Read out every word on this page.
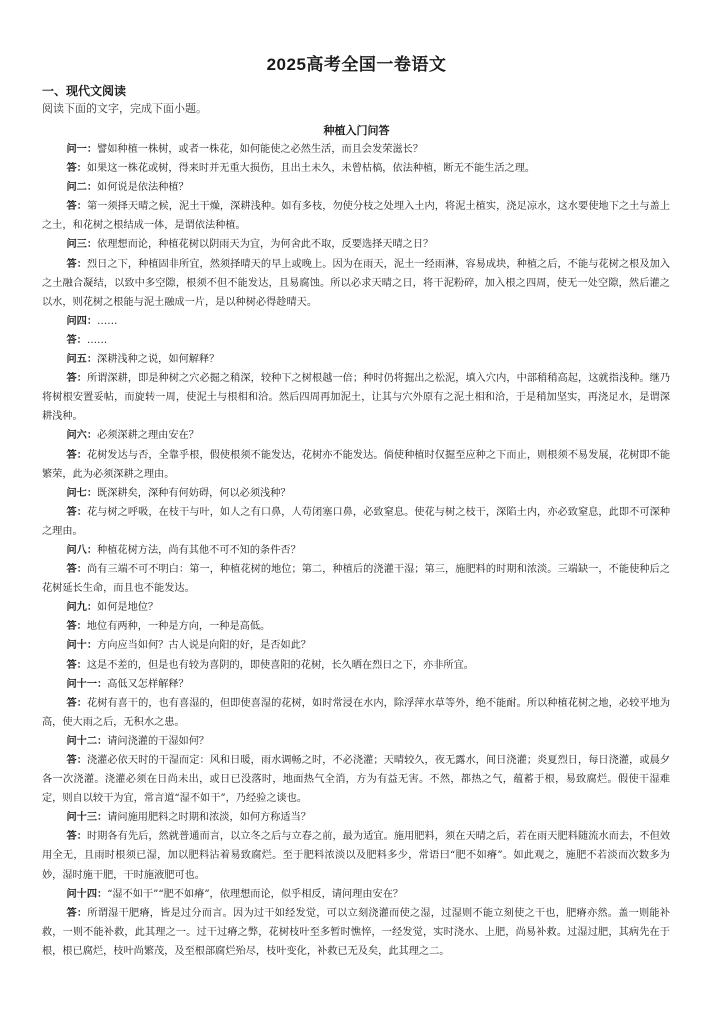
2025高考全国一卷语文
一、现代文阅读
阅读下面的文字，完成下面小题。
种植入门问答

问一：譬如种植一株树，或者一株花，如何能使之必然生活，而且会发荣滋长？

答：如果这一株花或树，得来时并无重大损伤，且出土未久，未曾枯槁，依法种植，断无不能生活之理。

问二：如何说是依法种植？

答：第一须择天晴之候，泥土干燥，深耕浅种。如有多枝，勿使分枝之处埋入土内，将泥土植实，浇足凉水，这水要使地下之土与盖上之土，和花树之根结成一体，是谓依法种植。

问三：依理想而论，种植花树以阴雨天为宜，为何舍此不取，反要选择天晴之日？

答：烈日之下，种植固非所宜，然须择晴天的早上或晚上。因为在雨天，泥土一经雨淋，容易成块，种植之后，不能与花树之根及加入之土融合凝结，以致中多空隙，根须不但不能发达，且易腐蚀。所以必求天晴之日，将干泥粉碎，加入根之四周，使无一处空隙，然后灌之以水，则花树之根能与泥土融成一片，是以种树必得趁晴天。

问四：……

答：……

问五：深耕浅种之说，如何解释？

答：所谓深耕，即是种树之穴必掘之稍深，较种下之树根越一倍；种时仍将掘出之松泥，填入穴内，中部稍稍高起，这就指浅种。继乃将树根安置妥帖，而旋转一周，使泥土与根相和洽。然后四周再加泥土，让其与穴外原有之泥土相和洽，于是稍加坚实，再浇足水，是谓深耕浅种。

问六：必须深耕之理由安在？

答：花树发达与否，全靠乎根，假使根须不能发达，花树亦不能发达。倘使种植时仅掘至应种之下而止，则根须不易发展，花树即不能繁荣，此为必须深耕之理由。

问七：既深耕矣，深种有何妨碍，何以必须浅种？

答：花与树之呼吸，在枝干与叶，如人之有口鼻，人苟闭塞口鼻，必致窒息。使花与树之枝干，深陷土内，亦必致窒息，此即不可深种之理由。

问八：种植花树方法，尚有其他不可不知的条件否？

答：尚有三端不可不明白：第一，种植花树的地位；第二，种植后的浇灌干湿；第三，施肥料的时期和浓淡。三端缺一，不能使种后之花树延长生命，而且也不能发达。

问九：如何是地位？

答：地位有两种，一种是方向，一种是高低。

问十：方向应当如何？古人说是向阳的好，是否如此？

答：这是不差的，但是也有较为喜阴的，即使喜阳的花树，长久晒在烈日之下，亦非所宜。

问十一：高低又怎样解释？

答：花树有喜干的，也有喜湿的，但即使喜湿的花树，如时常浸在水内，除浮萍水草等外，绝不能耐。所以种植花树之地，必较平地为高，使大雨之后，无积水之患。

问十二：请问浇灌的干湿如何？

答：浇灌必依天时的干湿而定：风和日暖，雨水调畅之时，不必浇灌；天晴较久，夜无露水，间日浇灌；炎夏烈日，每日浇灌，或晨夕各一次浇灌。浇灌必须在日尚未出，或日已没落时，地面热气全消，方为有益无害。不然，都热之气，蕴蓄于根，易致腐烂。假使干湿难定，则自以较干为宜，常言道“湿不如干”，乃经验之谈也。

问十三：请问施用肥料之时期和浓淡，如何方称适当？

答：时期各有先后，然就普通而言，以立冬之后与立春之前，最为适宜。施用肥料，须在天晴之后，若在雨天肥料随流水而去，不但效用全无，且雨时根须已湿，加以肥料沾着易致腐烂。至于肥料浓淡以及肥料多少，常语曰“肥不如瘠”。如此观之，施肥不若淡而次数多为妙，湿时施干肥，干时施液肥可也。

问十四：“湿不如干”“肥不如瘠”，依理想而论，似乎相反，请问理由安在？

答：所谓湿干肥瘠，皆是过分而言。因为过干如经发觉，可以立刻浇灌而使之湿，过湿则不能立刻使之干也，肥瘠亦然。盖一则能补救，一则不能补救，此其理之一。过干过瘠之弊，花树枝叶至多暂时憔悴，一经发觉，实时浇水、上肥，尚易补救。过湿过肥，其病先在于根，根已腐烂，枝叶尚繁茂，及至根部腐烂殆尽，枝叶变化，补救已无及矣，此其理之二。
